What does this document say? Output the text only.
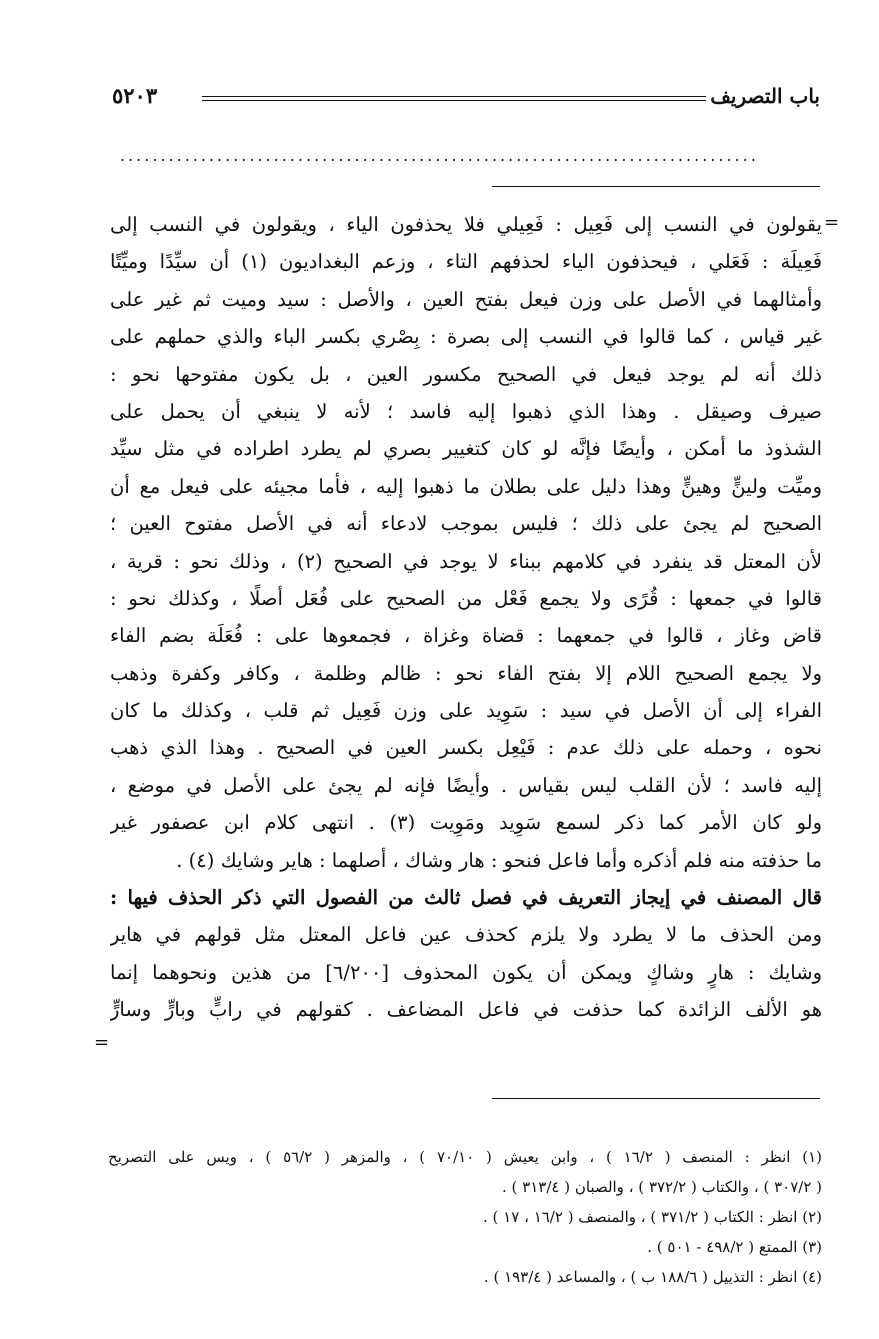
باب التصريف
٥٢٠٣
...............................................................................
=
يقولون في النسب إلى فَعِيل : فَعِيلي فلا يحذفون الياء ، ويقولون في النسب إلى
فَعِيلَة : فَعَلي ، فيحذفون الياء لحذفهم التاء ، وزعم البغداديون (١) أن سيِّدًا وميِّتًا
وأمثالهما في الأصل على وزن فيعل بفتح العين ، والأصل : سيد وميت ثم غير على
غير قياس ، كما قالوا في النسب إلى بصرة : بِصْري بكسر الباء والذي حملهم على
ذلك أنه لم يوجد فيعل في الصحيح مكسور العين ، بل يكون مفتوحها نحو :
صيرف وصيقل . وهذا الذي ذهبوا إليه فاسد ؛ لأنه لا ينبغي أن يحمل على
الشذوذ ما أمكن ، وأيضًا فإنَّه لو كان كتغيير بصري لم يطرد اطراده في مثل سيِّد
وميِّت ولينٍّ وهينٍّ وهذا دليل على بطلان ما ذهبوا إليه ، فأما مجيئه على فيعل مع أن
الصحيح لم يجئ على ذلك ؛ فليس بموجب لادعاء أنه في الأصل مفتوح العين ؛
لأن المعتل قد ينفرد في كلامهم ببناء لا يوجد في الصحيح (٢) ، وذلك نحو : قرية ،
قالوا في جمعها : قُرًى ولا يجمع فَعْل من الصحيح على فُعَل أصلًا ، وكذلك نحو :
قاض وغاز ، قالوا في جمعهما : قضاة وغزاة ، فجمعوها على : فُعَلَة بضم الفاء
ولا يجمع الصحيح اللام إلا بفتح الفاء نحو : ظالم وظلمة ، وكافر وكفرة وذهب
الفراء إلى أن الأصل في سيد : سَوِيد على وزن فَعِيل ثم قلب ، وكذلك ما كان
نحوه ، وحمله على ذلك عدم : فَيْعِل بكسر العين في الصحيح . وهذا الذي ذهب
إليه فاسد ؛ لأن القلب ليس بقياس . وأيضًا فإنه لم يجئ على الأصل في موضع ،
ولو كان الأمر كما ذكر لسمع سَوِيد ومَوِيت (٣) . انتهى كلام ابن عصفور غير
ما حذفته منه فلم أذكره وأما فاعل فنحو : هار وشاك ، أصلهما : هاير وشايك (٤) .
قال المصنف في إيجاز التعريف في فصل ثالث من الفصول التي ذكر الحذف فيها :
ومن الحذف ما لا يطرد ولا يلزم كحذف عين فاعل المعتل مثل قولهم في هاير
وشايك : هارٍ وشاكٍ ويمكن أن يكون المحذوف [٦/٢٠٠] من هذين ونحوهما إنما
هو الألف الزائدة كما حذفت في فاعل المضاعف . كقولهم في رابٍّ وبارٍّ وسارٍّ
=
(١) انظر : المنصف ( ١٦/٢ ) ، وابن يعيش ( ٧٠/١٠ ) ، والمزهر ( ٥٦/٢ ) ، ويس على التصريح
( ٣٠٧/٢ ) ، والكتاب ( ٣٧٢/٢ ) ، والصبان ( ٣١٣/٤ ) .
(٢) انظر : الكتاب ( ٣٧١/٢ ) ، والمنصف ( ١٦/٢ ، ١٧ ) .
(٣) الممتع ( ٤٩٨/٢ - ٥٠١ ) .
(٤) انظر : التذييل ( ١٨٨/٦ ب ) ، والمساعد ( ١٩٣/٤ ) .
